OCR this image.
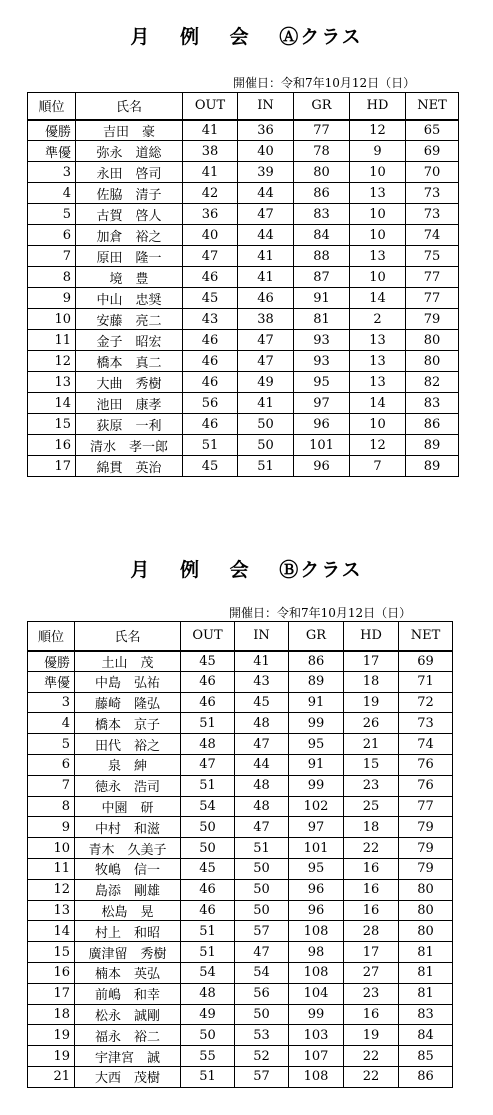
月 例 会 Ⓐクラス
開催日：令和7年10月12日（日）
順位	氏名	OUT	IN	GR	HD	NET
優勝	吉田　豪	41	36	77	12	65
準優	弥永　道総	38	40	78	9	69
3	永田　啓司	41	39	80	10	70
4	佐脇　清子	42	44	86	13	73
5	古賀　啓人	36	47	83	10	73
6	加倉　裕之	40	44	84	10	74
7	原田　隆一	47	41	88	13	75
8	境　豊	46	41	87	10	77
9	中山　忠奨	45	46	91	14	77
10	安藤　亮二	43	38	81	2	79
11	金子　昭宏	46	47	93	13	80
12	橋本　真二	46	47	93	13	80
13	大曲　秀樹	46	49	95	13	82
14	池田　康孝	56	41	97	14	83
15	荻原　一利	46	50	96	10	86
16	清水　孝一郎	51	50	101	12	89
17	綿貫　英治	45	51	96	7	89
月 例 会 Ⓑクラス
開催日：令和7年10月12日（日）
順位	氏名	OUT	IN	GR	HD	NET
優勝	土山　茂	45	41	86	17	69
準優	中島　弘祐	46	43	89	18	71
3	藤崎　隆弘	46	45	91	19	72
4	橋本　京子	51	48	99	26	73
5	田代　裕之	48	47	95	21	74
6	泉　紳	47	44	91	15	76
7	徳永　浩司	51	48	99	23	76
8	中園　研	54	48	102	25	77
9	中村　和滋	50	47	97	18	79
10	青木　久美子	50	51	101	22	79
11	牧嶋　信一	45	50	95	16	79
12	島添　剛雄	46	50	96	16	80
13	松島　晃	46	50	96	16	80
14	村上　和昭	51	57	108	28	80
15	廣津留　秀樹	51	47	98	17	81
16	楠本　英弘	54	54	108	27	81
17	前嶋　和幸	48	56	104	23	81
18	松永　誠剛	49	50	99	16	83
19	福永　裕二	50	53	103	19	84
19	宇津宮　誠	55	52	107	22	85
21	大西　茂樹	51	57	108	22	86
